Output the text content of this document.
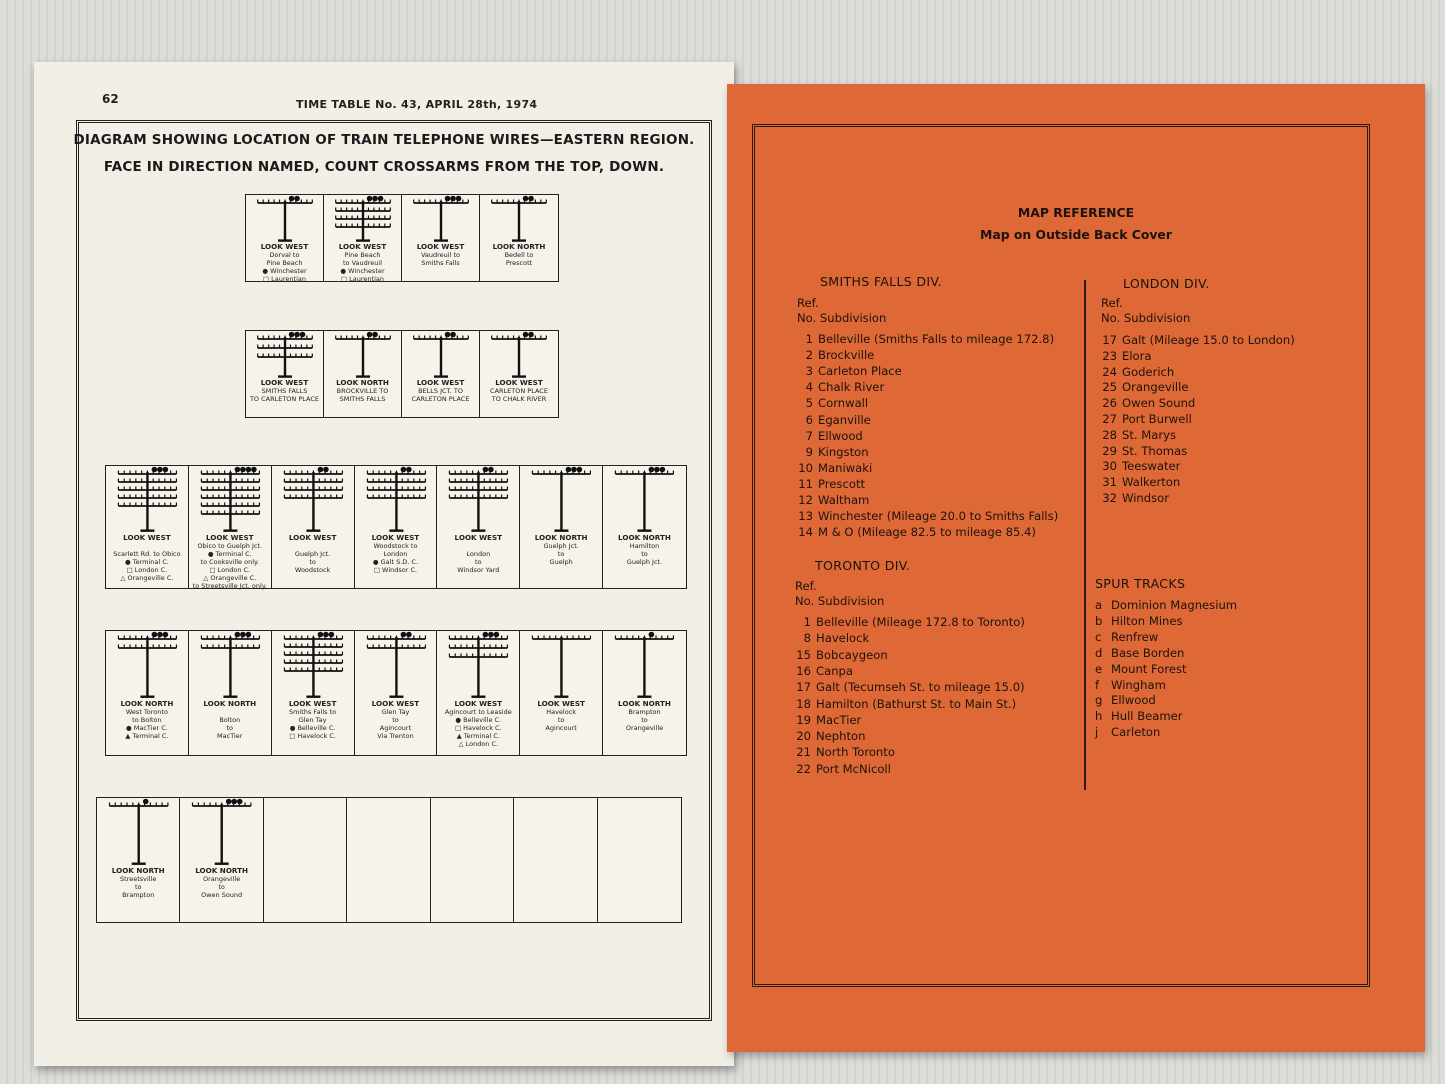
62	TIME TABLE No. 43, APRIL 28th, 1974
DIAGRAM SHOWING LOCATION OF TRAIN TELEPHONE WIRES—EASTERN REGION.
FACE IN DIRECTION NAMED, COUNT CROSSARMS FROM THE TOP, DOWN.
LOOK WEST
Dorval to
Pine Beach
● Winchester
□ Laurentian
LOOK WEST
Pine Beach
to Vaudreuil
● Winchester
□ Laurentian
LOOK WEST
Vaudreuil to
Smiths Falls
LOOK NORTH
Bedell to
Prescott
LOOK WEST
SMITHS FALLS
TO CARLETON PLACE
LOOK NORTH
BROCKVILLE TO
SMITHS FALLS
LOOK WEST
BELLS JCT. TO
CARLETON PLACE
LOOK WEST
CARLETON PLACE
TO CHALK RIVER
LOOK WEST

Scarlett Rd. to Obico
● Terminal C.
□ London C.
△ Orangeville C.
LOOK WEST
Obico to Guelph Jct.
● Terminal C.
to Cooksville only.
□ London C.
△ Orangeville C.
to Streetsville Jct. only.
LOOK WEST

Guelph Jct.
to
Woodstock
LOOK WEST
Woodstock to
London
● Galt S.D. C.
□ Windsor C.
LOOK WEST

London
to
Windsor Yard
LOOK NORTH
Guelph Jct.
to
Guelph
LOOK NORTH
Hamilton
to
Guelph Jct.
LOOK NORTH
West Toronto
to Bolton
● MacTier C.
▲ Terminal C.
LOOK NORTH

Bolton
to
MacTier
LOOK WEST
Smiths Falls to
Glen Tay
● Belleville C.
□ Havelock C.
LOOK WEST
Glen Tay
to
Agincourt
Via Trenton
LOOK WEST
Agincourt to Leaside
● Belleville C.
□ Havelock C.
▲ Terminal C.
△ London C.
LOOK WEST
Havelock
to
Agincourt
LOOK NORTH
Brampton
to
Orangeville
LOOK NORTH
Streetsville
to
Brampton
LOOK NORTH
Orangeville
to
Owen Sound
MAP REFERENCE
Map on Outside Back Cover
SMITHS FALLS DIV.
Ref.
No. Subdivision
1 Belleville (Smiths Falls to mileage 172.8)
2 Brockville
3 Carleton Place
4 Chalk River
5 Cornwall
6 Eganville
7 Ellwood
9 Kingston
10 Maniwaki
11 Prescott
12 Waltham
13 Winchester (Mileage 20.0 to Smiths Falls)
14 M & O (Mileage 82.5 to mileage 85.4)
TORONTO DIV.
Ref.
No. Subdivision
1 Belleville (Mileage 172.8 to Toronto)
8 Havelock
15 Bobcaygeon
16 Canpa
17 Galt (Tecumseh St. to mileage 15.0)
18 Hamilton (Bathurst St. to Main St.)
19 MacTier
20 Nephton
21 North Toronto
22 Port McNicoll
LONDON DIV.
Ref.
No. Subdivision
17 Galt (Mileage 15.0 to London)
23 Elora
24 Goderich
25 Orangeville
26 Owen Sound
27 Port Burwell
28 St. Marys
29 St. Thomas
30 Teeswater
31 Walkerton
32 Windsor
SPUR TRACKS
a Dominion Magnesium
b Hilton Mines
c Renfrew
d Base Borden
e Mount Forest
f Wingham
g Ellwood
h Hull Beamer
j Carleton
